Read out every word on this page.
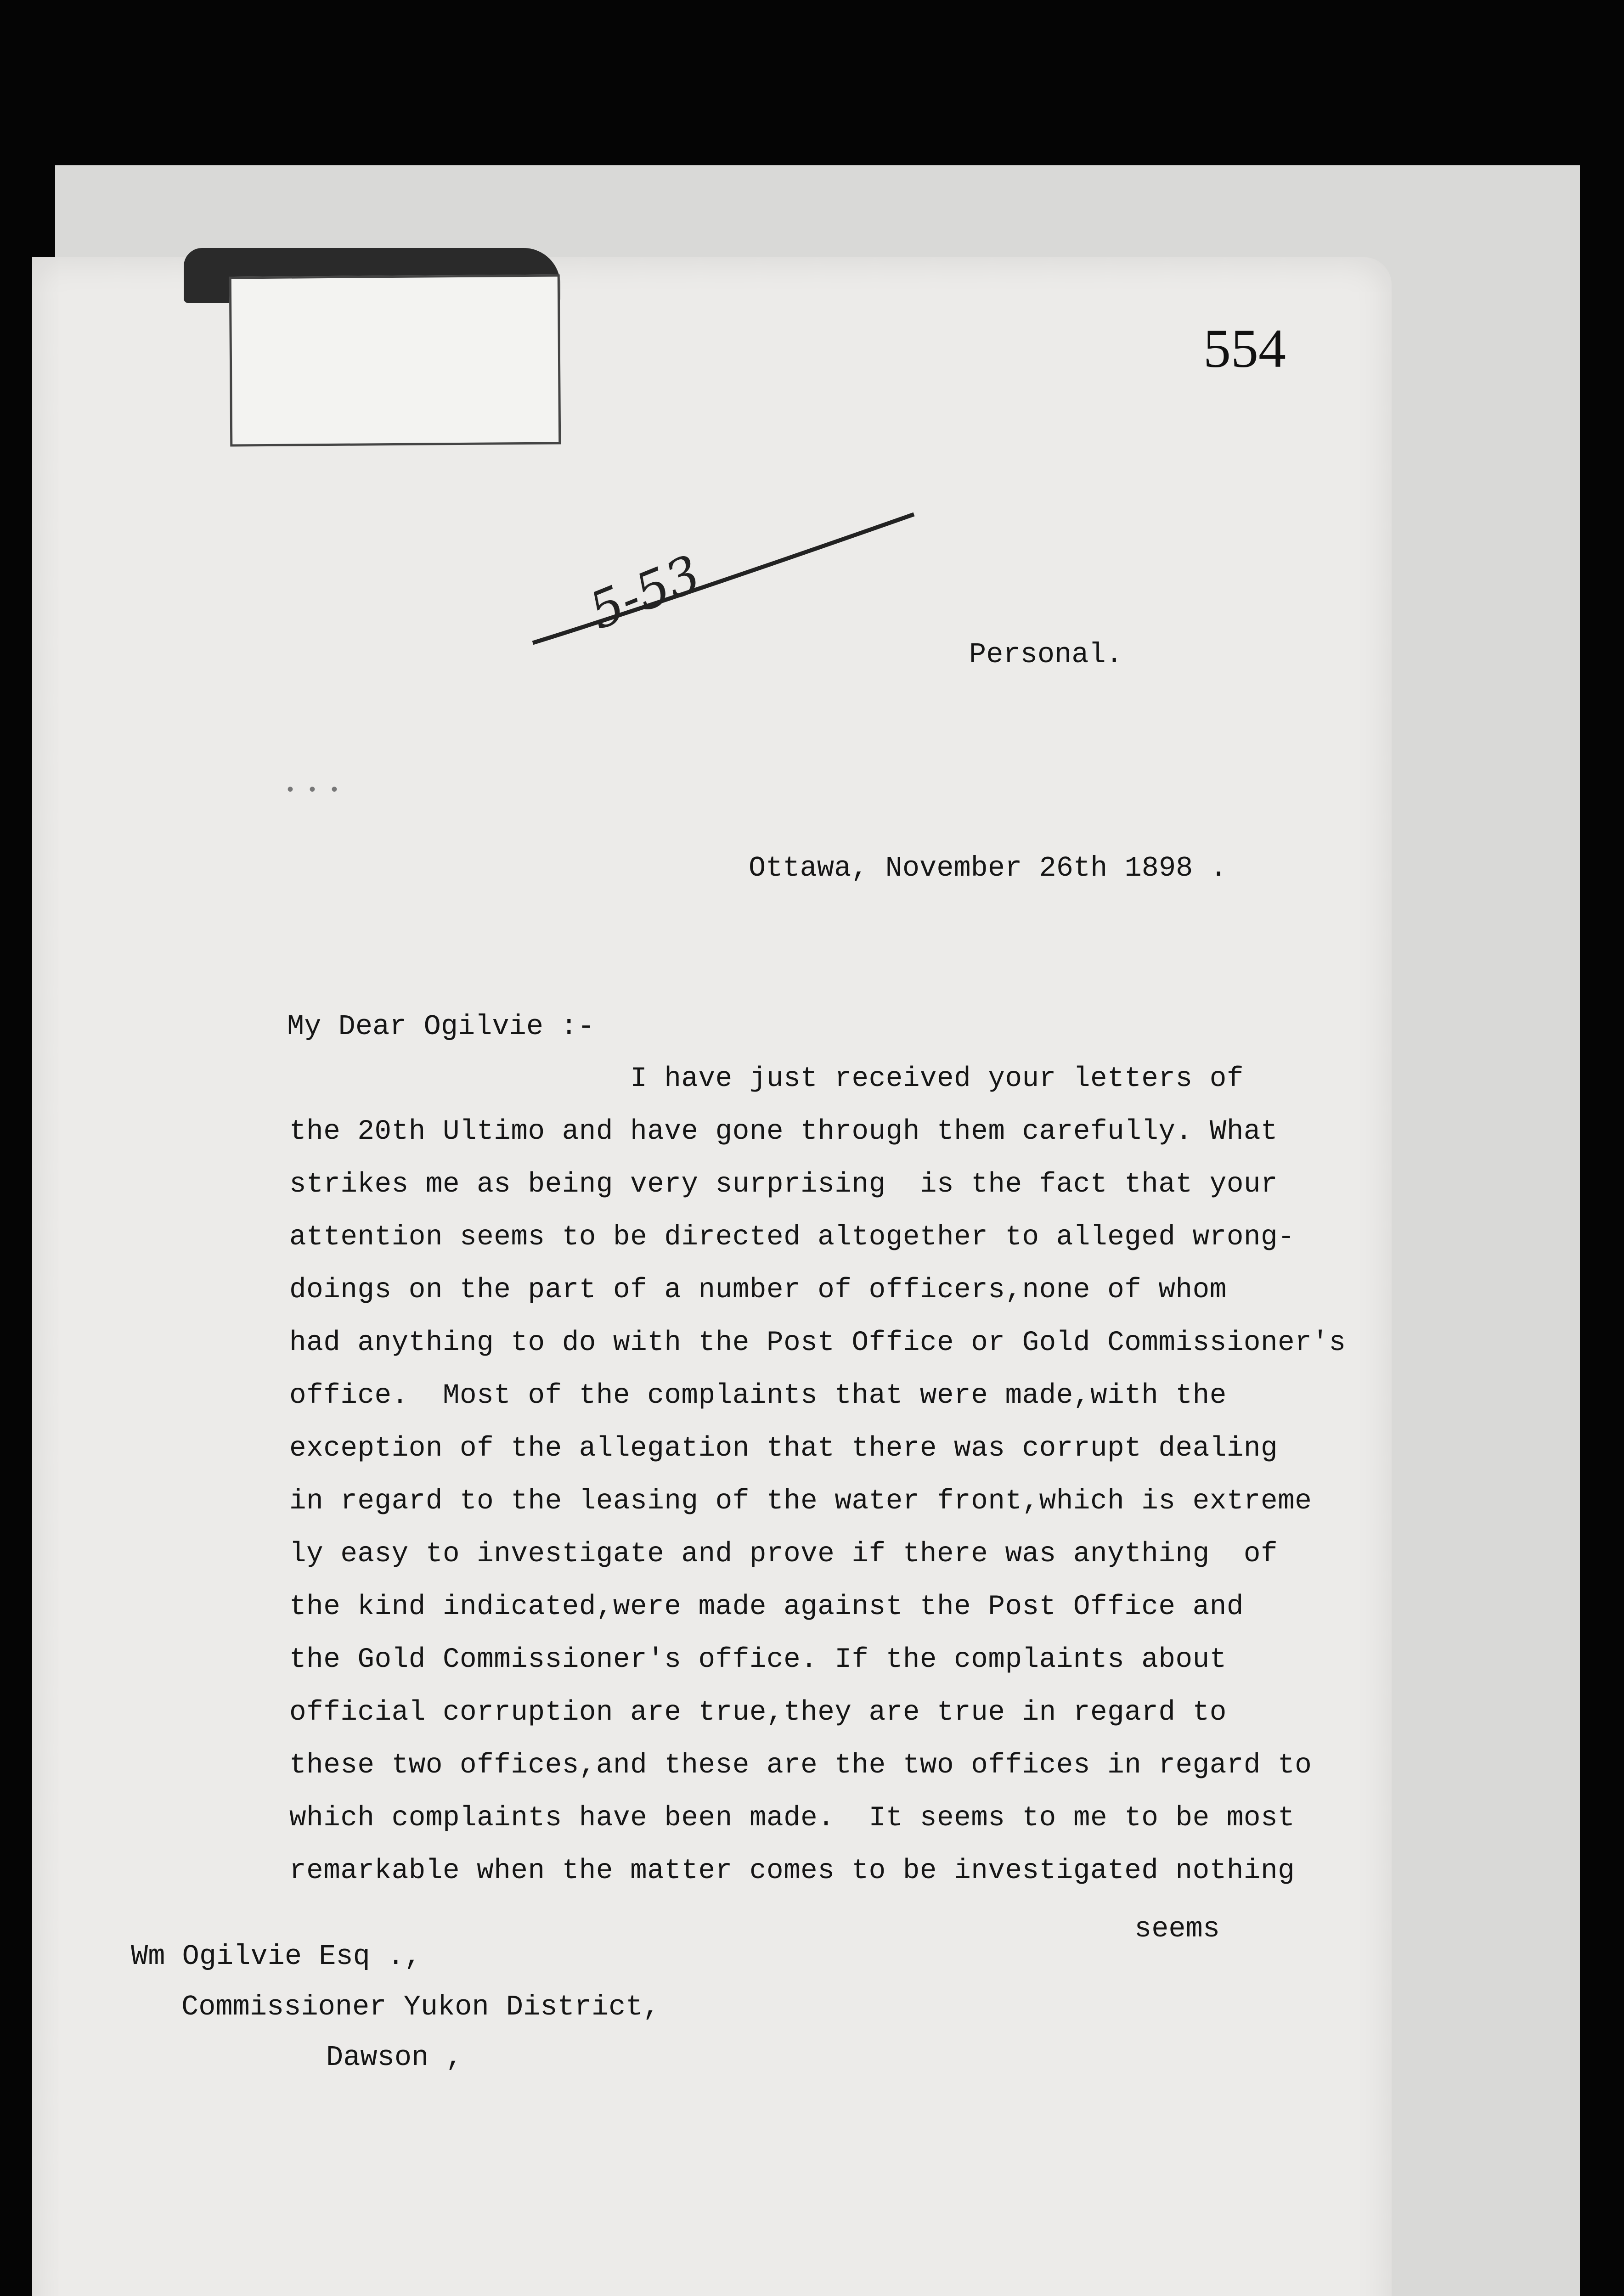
554
5-53
• • •
Personal.
Ottawa, November 26th 1898 .
My Dear Ogilvie :-
I have just received your letters of
the 20th Ultimo and have gone through them carefully. What
strikes me as being very surprising  is the fact that your
attention seems to be directed altogether to alleged wrong-
doings on the part of a number of officers,none of whom
had anything to do with the Post Office or Gold Commissioner's
office.  Most of the complaints that were made,with the
exception of the allegation that there was corrupt dealing
in regard to the leasing of the water front,which is extreme
ly easy to investigate and prove if there was anything  of
the kind indicated,were made against the Post Office and
the Gold Commissioner's office. If the complaints about
official corruption are true,they are true in regard to
these two offices,and these are the two offices in regard to
which complaints have been made.  It seems to me to be most
remarkable when the matter comes to be investigated nothing
seems
Wm Ogilvie Esq .,
Commissioner Yukon District,
Dawson ,
